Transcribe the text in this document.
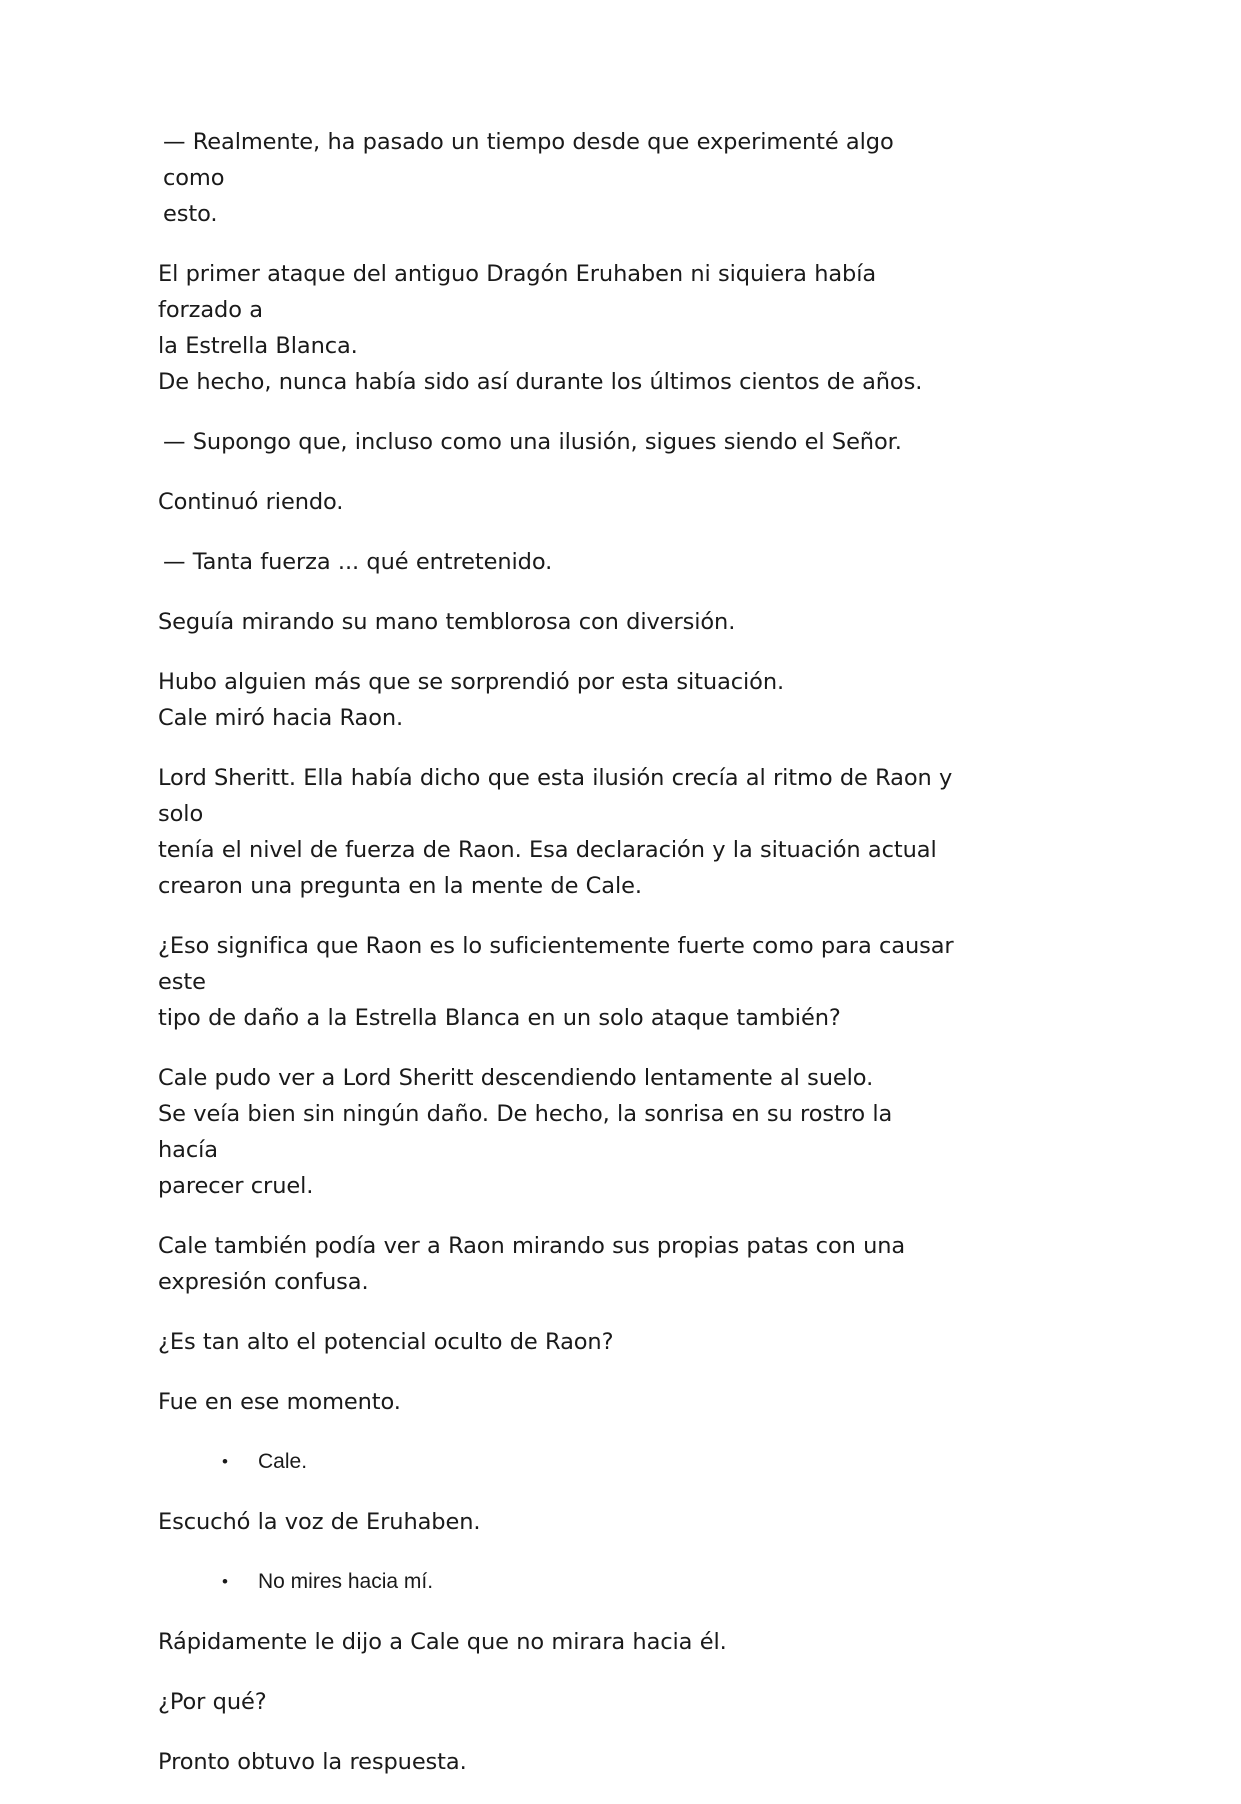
— Realmente, ha pasado un tiempo desde que experimenté algo como
esto.

El primer ataque del antiguo Dragón Eruhaben ni siquiera había forzado a
la Estrella Blanca.
De hecho, nunca había sido así durante los últimos cientos de años.

— Supongo que, incluso como una ilusión, sigues siendo el Señor.

Continuó riendo.

— Tanta fuerza ... qué entretenido.

Seguía mirando su mano temblorosa con diversión.

Hubo alguien más que se sorprendió por esta situación.
Cale miró hacia Raon.

Lord Sheritt. Ella había dicho que esta ilusión crecía al ritmo de Raon y solo
tenía el nivel de fuerza de Raon. Esa declaración y la situación actual
crearon una pregunta en la mente de Cale.

¿Eso significa que Raon es lo suficientemente fuerte como para causar este
tipo de daño a la Estrella Blanca en un solo ataque también?

Cale pudo ver a Lord Sheritt descendiendo lentamente al suelo.
Se veía bien sin ningún daño. De hecho, la sonrisa en su rostro la hacía
parecer cruel.

Cale también podía ver a Raon mirando sus propias patas con una
expresión confusa.

¿Es tan alto el potencial oculto de Raon?

Fue en ese momento.

• Cale.

Escuchó la voz de Eruhaben.

• No mires hacia mí.

Rápidamente le dijo a Cale que no mirara hacia él.

¿Por qué?

Pronto obtuvo la respuesta.
